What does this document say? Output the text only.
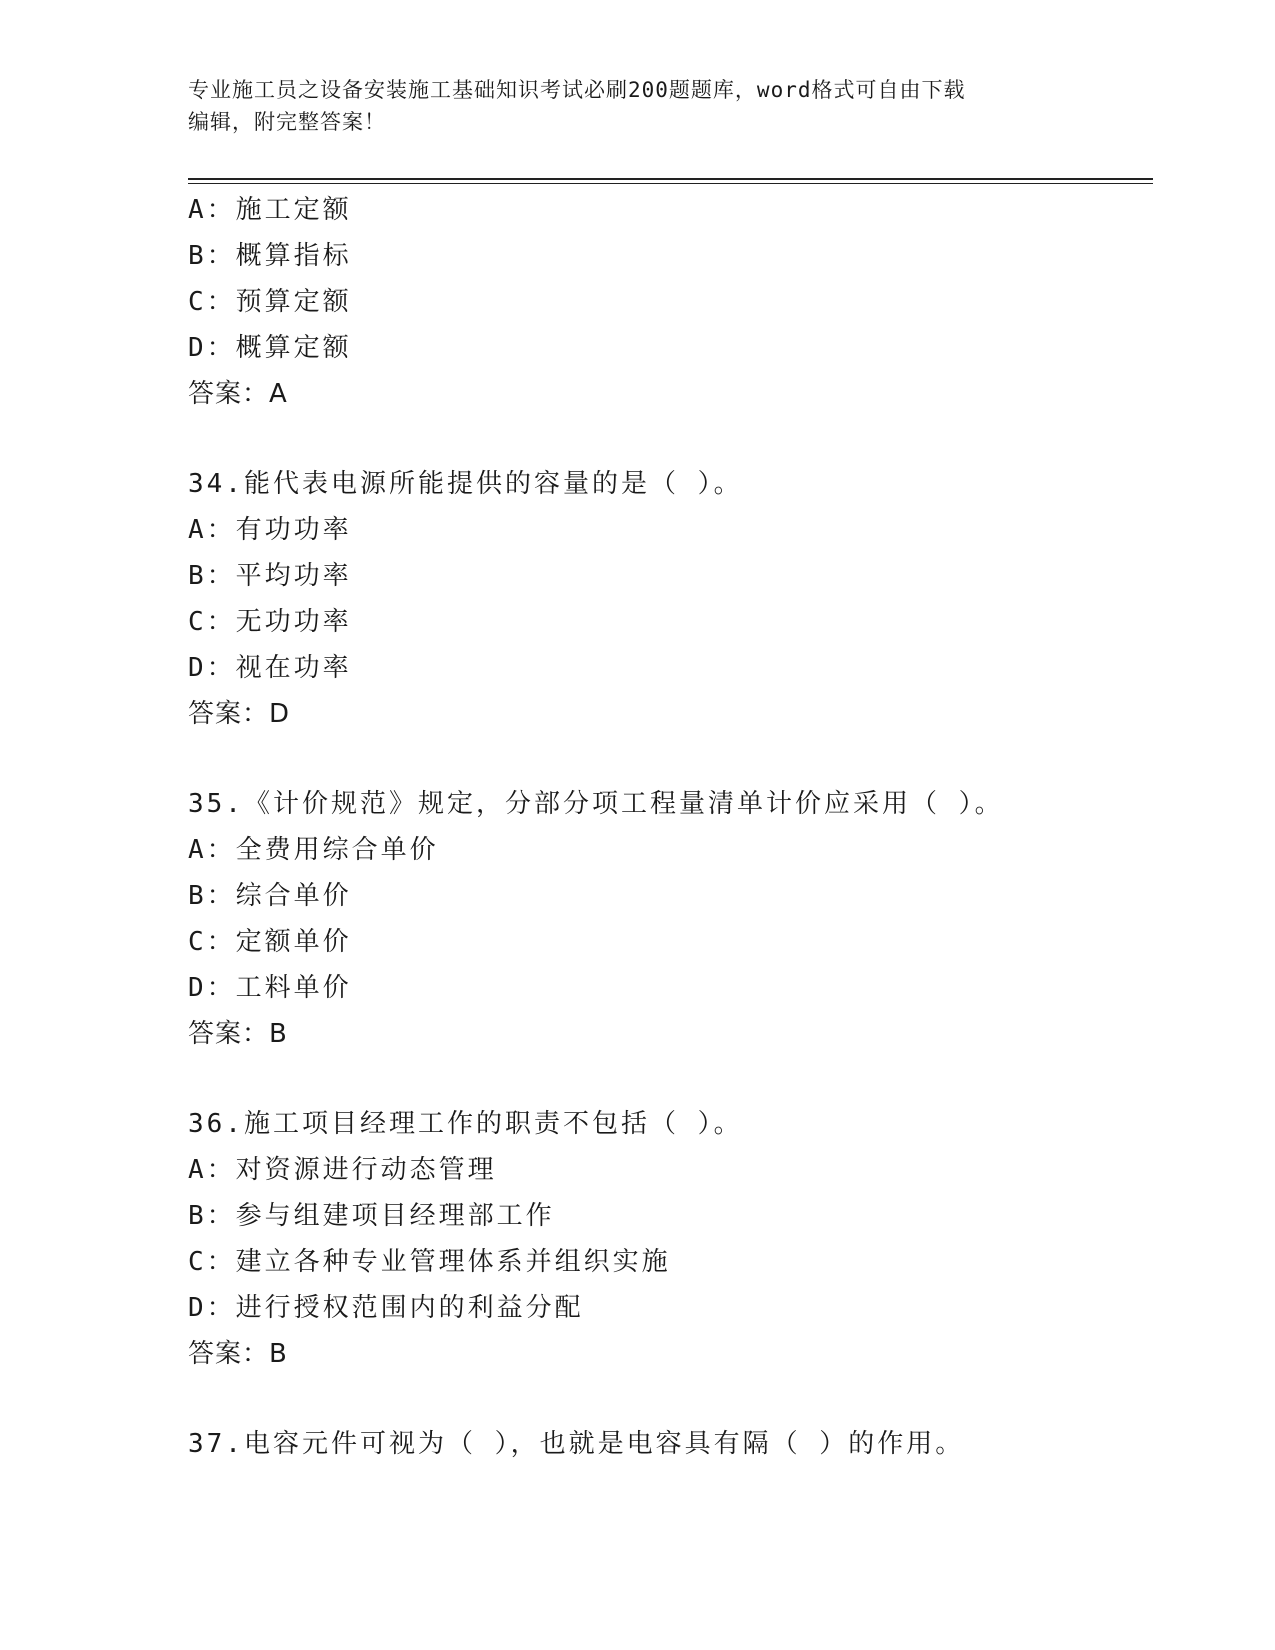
专业施工员之设备安装施工基础知识考试必刷200题题库，word格式可自由下载
编辑，附完整答案！
A：施工定额
B：概算指标
C：预算定额
D：概算定额
答案：A
34.能代表电源所能提供的容量的是（ ）。
A：有功功率
B：平均功率
C：无功功率
D：视在功率
答案：D
35.《计价规范》规定，分部分项工程量清单计价应采用（ ）。
A：全费用综合单价
B：综合单价
C：定额单价
D：工料单价
答案：B
36.施工项目经理工作的职责不包括（ ）。
A：对资源进行动态管理
B：参与组建项目经理部工作
C：建立各种专业管理体系并组织实施
D：进行授权范围内的利益分配
答案：B
37.电容元件可视为（ ），也就是电容具有隔（ ）的作用。
